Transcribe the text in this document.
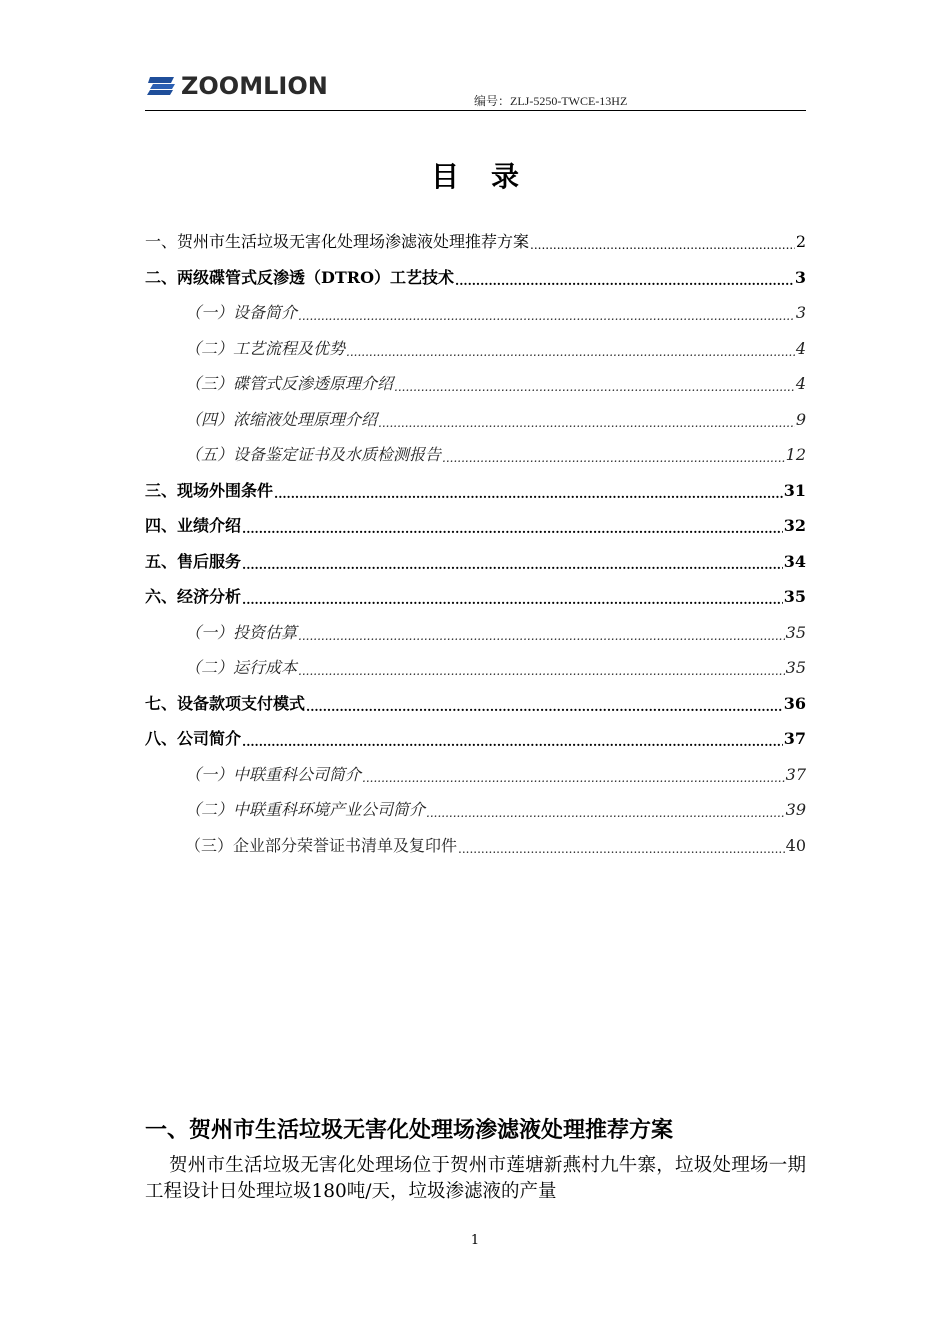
ZOOMLION
编号：ZLJ-5250-TWCE-13HZ
目录
一、贺州市生活垃圾无害化处理场渗滤液处理推荐方案 .....	2
二、两级碟管式反渗透（DTRO）工艺技术 .....	3
（一）设备简介 .....	3
（二）工艺流程及优势 .....	4
（三）碟管式反渗透原理介绍 .....	4
（四）浓缩液处理原理介绍 .....	9
（五）设备鉴定证书及水质检测报告 .....	12
三、现场外围条件 .....	31
四、业绩介绍 .....	32
五、售后服务 .....	34
六、经济分析 .....	35
（一）投资估算 .....	35
（二）运行成本 .....	35
七、设备款项支付模式 .....	36
八、公司简介 .....	37
（一）中联重科公司简介 .....	37
（二）中联重科环境产业公司简介 .....	39
（三）企业部分荣誉证书清单及复印件 .....	40
一、贺州市生活垃圾无害化处理场渗滤液处理推荐方案
贺州市生活垃圾无害化处理场位于贺州市莲塘新燕村九牛寨，垃圾处理场一期工程设计日处理垃圾180吨/天，垃圾渗滤液的产量
1
